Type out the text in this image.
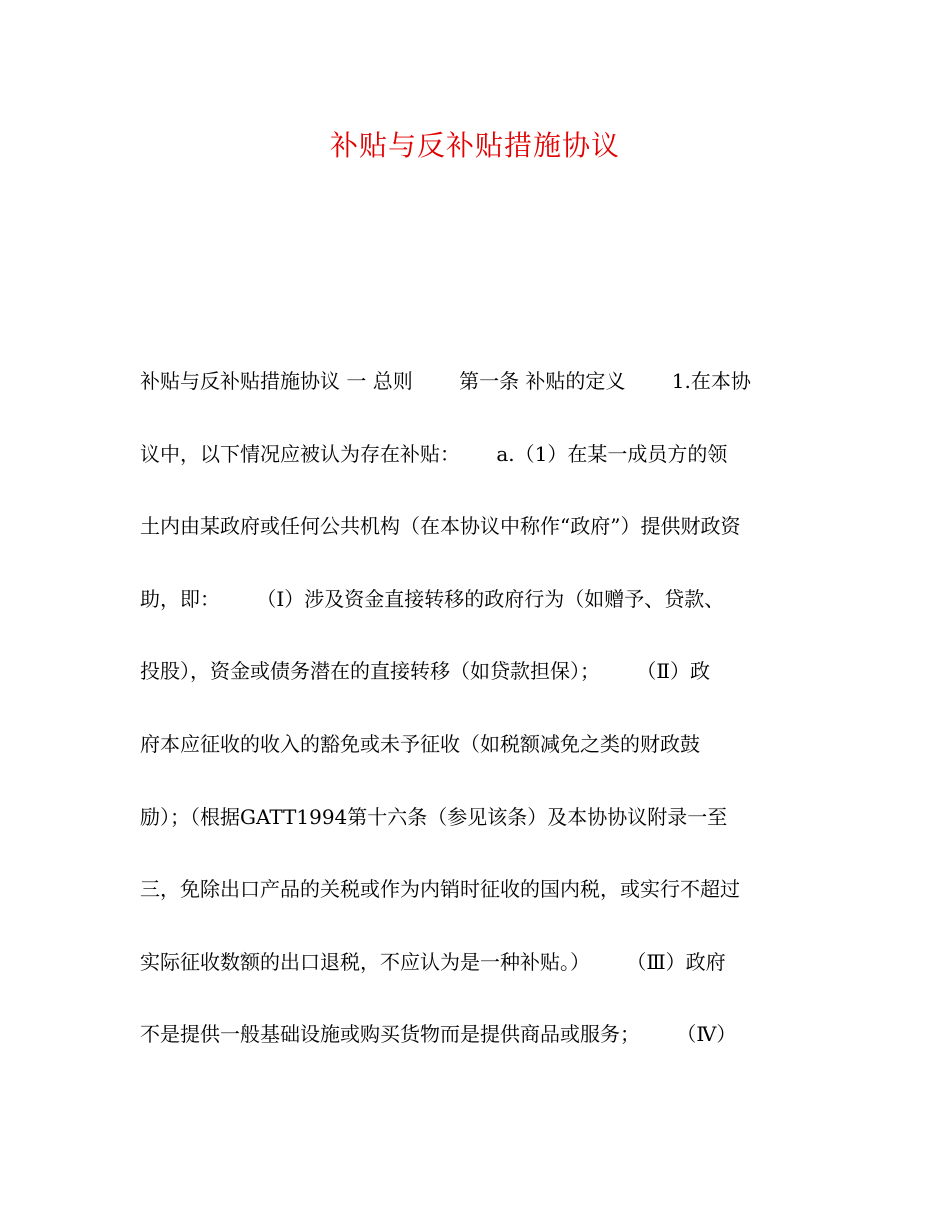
补贴与反补贴措施协议
补贴与反补贴措施协议 一 总则　　 第一条 补贴的定义　　 1.在本协
议中，以下情况应被认为存在补贴：　　 a.（1）在某一成员方的领
土内由某政府或任何公共机构（在本协议中称作“政府”）提供财政资
助，即：　　 （I）涉及资金直接转移的政府行为（如赠予、贷款、
投股），资金或债务潜在的直接转移（如贷款担保）；　　 （Ⅱ）政
府本应征收的收入的豁免或未予征收（如税额减免之类的财政鼓
励）；（根据GATT1994第十六条（参见该条）及本协协议附录一至
三，免除出口产品的关税或作为内销时征收的国内税，或实行不超过
实际征收数额的出口退税，不应认为是一种补贴。）　　 （Ⅲ）政府
不是提供一般基础设施或购买货物而是提供商品或服务；　　 （Ⅳ）
